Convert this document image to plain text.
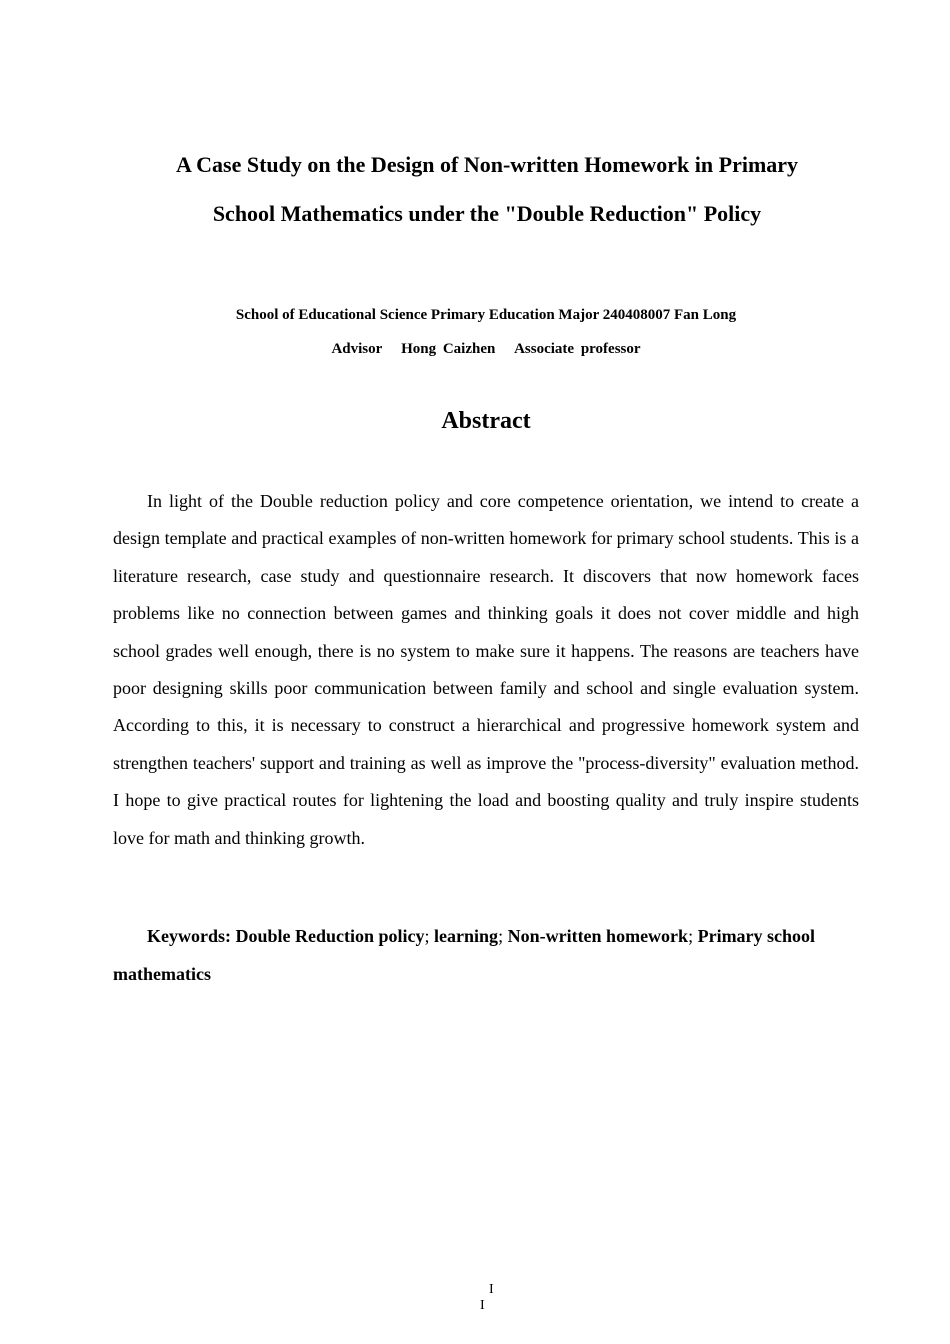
A Case Study on the Design of Non-written Homework in Primary
School Mathematics under the "Double Reduction" Policy
School of Educational Science Primary Education Major 240408007 Fan Long
Advisor Hong Caizhen Associate professor
Abstract

In light of the Double reduction policy and core competence orientation, we intend to create a design template and practical examples of non-written homework for primary school students. This is a literature research, case study and questionnaire research. It discovers that now homework faces problems like no connection between games and thinking goals it does not cover middle and high school grades well enough, there is no system to make sure it happens. The reasons are teachers have poor designing skills poor communication between family and school and single evaluation system. According to this, it is necessary to construct a hierarchical and progressive homework system and strengthen teachers' support and training as well as improve the "process-diversity" evaluation method. I hope to give practical routes for lightening the load and boosting quality and truly inspire students love for math and thinking growth.

Keywords: Double Reduction policy; learning; Non-written homework; Primary school mathematics

I
I
